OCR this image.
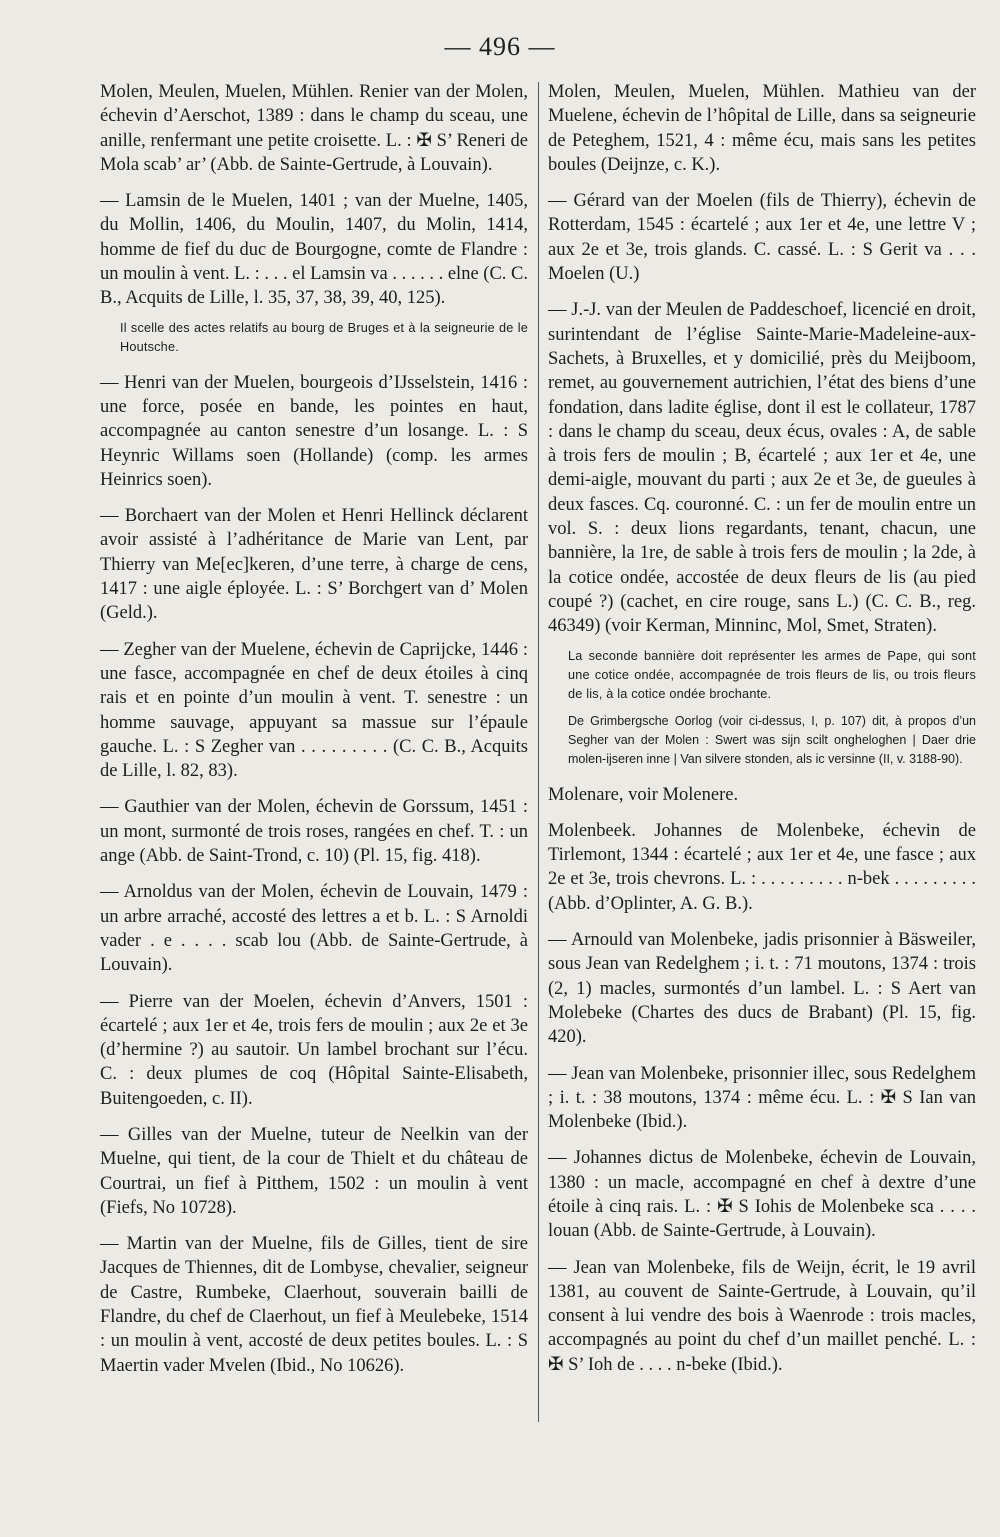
— 496 —

Molen, Meulen, Muelen, Mühlen. Renier van der Molen, échevin d’Aerschot, 1389 : dans le champ du sceau, une anille, renfermant une petite croisette. L. : ✠ S’ Reneri de Mola scab’ ar’ (Abb. de Sainte-Gertrude, à Louvain).

— Lamsin de le Muelen, 1401 ; van der Muelne, 1405, du Mollin, 1406, du Moulin, 1407, du Molin, 1414, homme de fief du duc de Bourgogne, comte de Flandre : un moulin à vent. L. : . . . el Lamsin va . . . . . . elne (C. C. B., Acquits de Lille, l. 35, 37, 38, 39, 40, 125).

Il scelle des actes relatifs au bourg de Bruges et à la seigneurie de le Houtsche.

— Henri van der Muelen, bourgeois d’IJsselstein, 1416 : une force, posée en bande, les pointes en haut, accompagnée au canton senestre d’un losange. L. : S Heynric Willams soen (Hollande) (comp. les armes Heinrics soen).

— Borchaert van der Molen et Henri Hellinck déclarent avoir assisté à l’adhéritance de Marie van Lent, par Thierry van Me[ec]keren, d’une terre, à charge de cens, 1417 : une aigle éployée. L. : S’ Borchgert van d’ Molen (Geld.).

— Zegher van der Muelene, échevin de Caprijcke, 1446 : une fasce, accompagnée en chef de deux étoiles à cinq rais et en pointe d’un moulin à vent. T. senestre : un homme sauvage, appuyant sa massue sur l’épaule gauche. L. : S Zegher van . . . . . . . . . (C. C. B., Acquits de Lille, l. 82, 83).

— Gauthier van der Molen, échevin de Gorssum, 1451 : un mont, surmonté de trois roses, rangées en chef. T. : un ange (Abb. de Saint-Trond, c. 10) (Pl. 15, fig. 418).

— Arnoldus van der Molen, échevin de Louvain, 1479 : un arbre arraché, accosté des lettres a et b. L. : S Arnoldi vader . e . . . . scab lou (Abb. de Sainte-Gertrude, à Louvain).

— Pierre van der Moelen, échevin d’Anvers, 1501 : écartelé ; aux 1er et 4e, trois fers de moulin ; aux 2e et 3e (d’hermine ?) au sautoir. Un lambel brochant sur l’écu. C. : deux plumes de coq (Hôpital Sainte-Elisabeth, Buitengoeden, c. II).

— Gilles van der Muelne, tuteur de Neelkin van der Muelne, qui tient, de la cour de Thielt et du château de Courtrai, un fief à Pitthem, 1502 : un moulin à vent (Fiefs, No 10728).

— Martin van der Muelne, fils de Gilles, tient de sire Jacques de Thiennes, dit de Lombyse, chevalier, seigneur de Castre, Rumbeke, Claerhout, souverain bailli de Flandre, du chef de Claerhout, un fief à Meulebeke, 1514 : un moulin à vent, accosté de deux petites boules. L. : S Maertin vader Mvelen (Ibid., No 10626).

Molen, Meulen, Muelen, Mühlen. Mathieu van der Muelene, échevin de l’hôpital de Lille, dans sa seigneurie de Peteghem, 1521, 4 : même écu, mais sans les petites boules (Deijnze, c. K.).

— Gérard van der Moelen (fils de Thierry), échevin de Rotterdam, 1545 : écartelé ; aux 1er et 4e, une lettre V ; aux 2e et 3e, trois glands. C. cassé. L. : S Gerit va . . . Moelen (U.)

— J.-J. van der Meulen de Paddeschoef, licencié en droit, surintendant de l’église Sainte-Marie-Madeleine-aux-Sachets, à Bruxelles, et y domicilié, près du Meijboom, remet, au gouvernement autrichien, l’état des biens d’une fondation, dans ladite église, dont il est le collateur, 1787 : dans le champ du sceau, deux écus, ovales : A, de sable à trois fers de moulin ; B, écartelé ; aux 1er et 4e, une demi-aigle, mouvant du parti ; aux 2e et 3e, de gueules à deux fasces. Cq. couronné. C. : un fer de moulin entre un vol. S. : deux lions regardants, tenant, chacun, une bannière, la 1re, de sable à trois fers de moulin ; la 2de, à la cotice ondée, accostée de deux fleurs de lis (au pied coupé ?) (cachet, en cire rouge, sans L.) (C. C. B., reg. 46349) (voir Kerman, Minninc, Mol, Smet, Straten).

La seconde bannière doit représenter les armes de Pape, qui sont une cotice ondée, accompagnée de trois fleurs de lis, ou trois fleurs de lis, à la cotice ondée brochante.

De Grimbergsche Oorlog (voir ci-dessus, I, p. 107) dit, à propos d’un Segher van der Molen : Swert was sijn scilt ongheloghen | Daer drie molen-ijseren inne | Van silvere stonden, als ic versinne (II, v. 3188-90).

Molenare, voir Molenere.

Molenbeek. Johannes de Molenbeke, échevin de Tirlemont, 1344 : écartelé ; aux 1er et 4e, une fasce ; aux 2e et 3e, trois chevrons. L. : . . . . . . . . . n-bek . . . . . . . . . (Abb. d’Oplinter, A. G. B.).

— Arnould van Molenbeke, jadis prisonnier à Bäsweiler, sous Jean van Redelghem ; i. t. : 71 moutons, 1374 : trois (2, 1) macles, surmontés d’un lambel. L. : S Aert van Molebeke (Chartes des ducs de Brabant) (Pl. 15, fig. 420).

— Jean van Molenbeke, prisonnier illec, sous Redelghem ; i. t. : 38 moutons, 1374 : même écu. L. : ✠ S Ian van Molenbeke (Ibid.).

— Johannes dictus de Molenbeke, échevin de Louvain, 1380 : un macle, accompagné en chef à dextre d’une étoile à cinq rais. L. : ✠ S Iohis de Molenbeke sca . . . . louan (Abb. de Sainte-Gertrude, à Louvain).

— Jean van Molenbeke, fils de Weijn, écrit, le 19 avril 1381, au couvent de Sainte-Gertrude, à Louvain, qu’il consent à lui vendre des bois à Waenrode : trois macles, accompagnés au point du chef d’un maillet penché. L. : ✠ S’ Ioh de . . . . n-beke (Ibid.).
